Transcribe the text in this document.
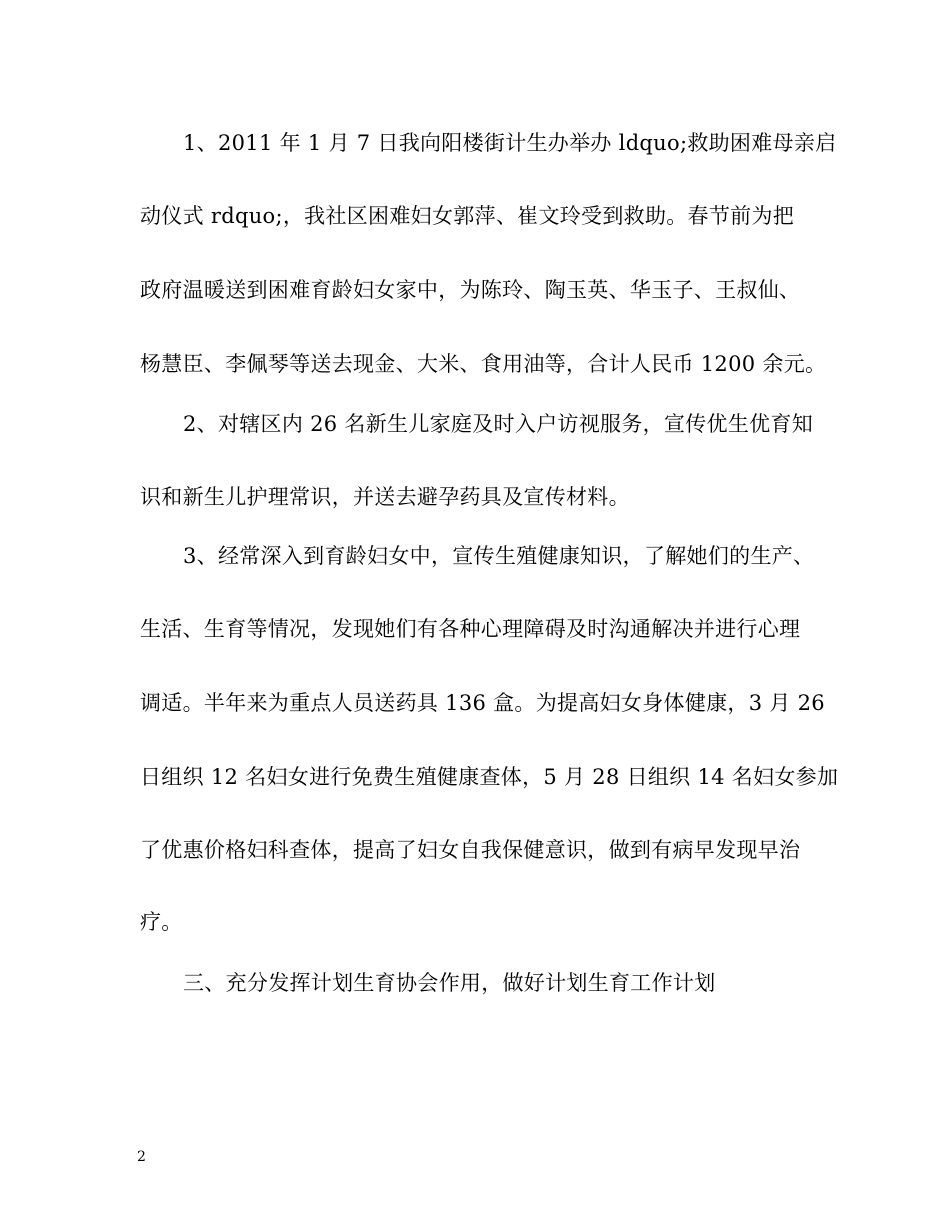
1、2011 年 1 月 7 日我向阳楼街计生办举办 ldquo;救助困难母亲启
动仪式 rdquo;，我社区困难妇女郭萍、崔文玲受到救助。春节前为把
政府温暖送到困难育龄妇女家中，为陈玲、陶玉英、华玉子、王叔仙、
杨慧臣、李佩琴等送去现金、大米、食用油等，合计人民币 1200 余元。
2、对辖区内 26 名新生儿家庭及时入户访视服务，宣传优生优育知
识和新生儿护理常识，并送去避孕药具及宣传材料。
3、经常深入到育龄妇女中，宣传生殖健康知识，了解她们的生产、
生活、生育等情况，发现她们有各种心理障碍及时沟通解决并进行心理
调适。半年来为重点人员送药具 136 盒。为提高妇女身体健康，3 月 26
日组织 12 名妇女进行免费生殖健康查体，5 月 28 日组织 14 名妇女参加
了优惠价格妇科查体，提高了妇女自我保健意识，做到有病早发现早治
疗。
三、充分发挥计划生育协会作用，做好计划生育工作计划
2
